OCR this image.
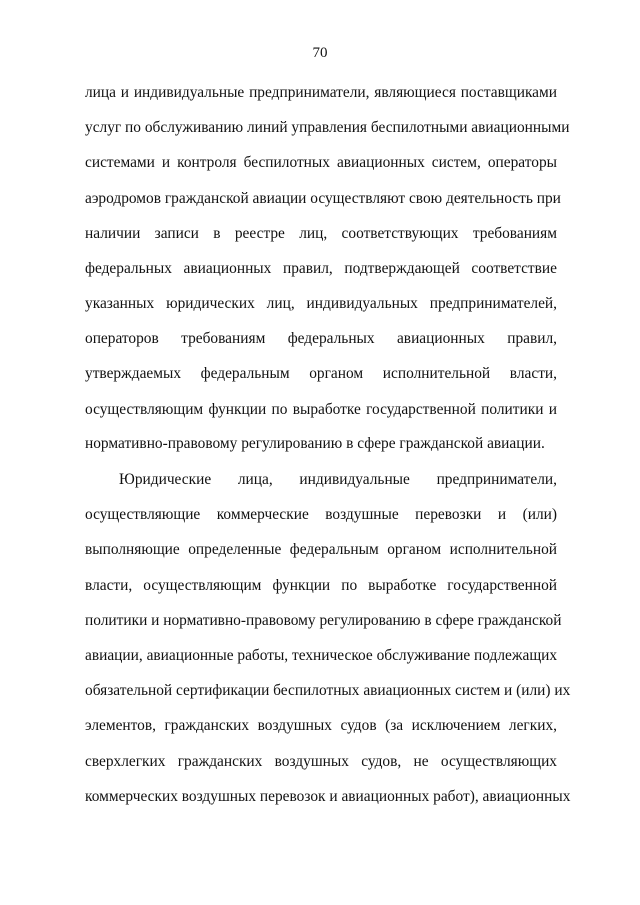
70
лица и индивидуальные предприниматели, являющиеся поставщиками
услуг по обслуживанию линий управления беспилотными авиационными
системами и контроля беспилотных авиационных систем, операторы
аэродромов гражданской авиации осуществляют свою деятельность при
наличии записи в реестре лиц, соответствующих требованиям
федеральных авиационных правил, подтверждающей соответствие
указанных юридических лиц, индивидуальных предпринимателей,
операторов требованиям федеральных авиационных правил,
утверждаемых федеральным органом исполнительной власти,
осуществляющим функции по выработке государственной политики и
нормативно-правовому регулированию в сфере гражданской авиации.
Юридические лица, индивидуальные предприниматели,
осуществляющие коммерческие воздушные перевозки и (или)
выполняющие определенные федеральным органом исполнительной
власти, осуществляющим функции по выработке государственной
политики и нормативно-правовому регулированию в сфере гражданской
авиации, авиационные работы, техническое обслуживание подлежащих
обязательной сертификации беспилотных авиационных систем и (или) их
элементов, гражданских воздушных судов (за исключением легких,
сверхлегких гражданских воздушных судов, не осуществляющих
коммерческих воздушных перевозок и авиационных работ), авиационных
